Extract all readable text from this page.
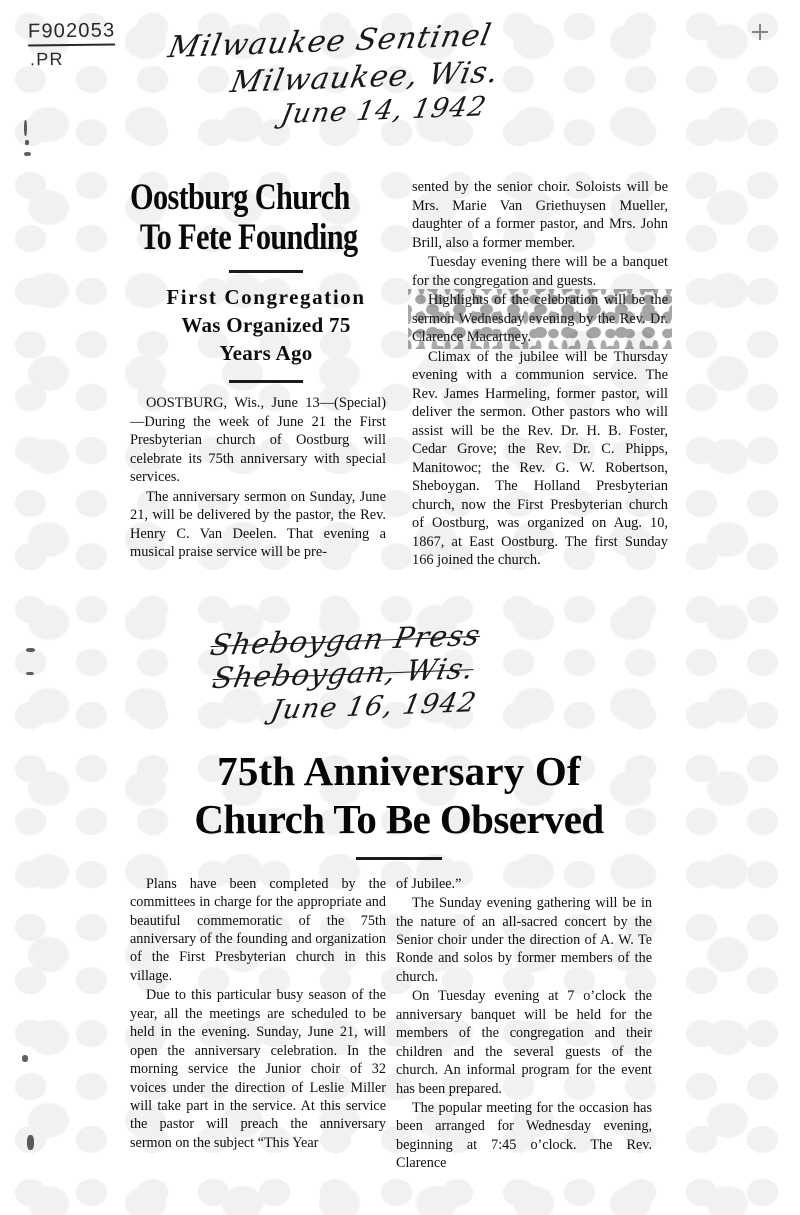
F902053
.PR	Milwaukee Sentinel
Milwaukee, Wis.
June 14, 1942
Oostburg Church
To Fete Founding
First Congregation
Was Organized 75
Years Ago

OOSTBURG, Wis., June 13—(Special)—During the week of June 21 the First Presbyterian church of Oostburg will celebrate its 75th anniversary with special services.

The anniversary sermon on Sunday, June 21, will be delivered by the pastor, the Rev. Henry C. Van Deelen. That evening a musical praise service will be pre-

sented by the senior choir. Soloists will be Mrs. Marie Van Griethuysen Mueller, daughter of a former pastor, and Mrs. John Brill, also a former member.

Tuesday evening there will be a banquet for the congregation and guests.

Highlights of the celebration will be the sermon Wednesday evening by the Rev. Dr. Clarence Macartney.

Climax of the jubilee will be Thursday evening with a communion service. The Rev. James Harmeling, former pastor, will deliver the sermon. Other pastors who will assist will be the Rev. Dr. H. B. Foster, Cedar Grove; the Rev. Dr. C. Phipps, Manitowoc; the Rev. G. W. Robertson, Sheboygan. The Holland Presbyterian church, now the First Presbyterian church of Oostburg, was organized on Aug. 10, 1867, at East Oostburg. The first Sunday 166 joined the church.

Sheboygan Press
Sheboygan, Wis.
June 16, 1942
75th Anniversary Of
Church To Be Observed

Plans have been completed by the committees in charge for the appropriate and beautiful commemoratic of the 75th anniversary of the founding and organization of the First Presbyterian church in this village.

Due to this particular busy season of the year, all the meetings are scheduled to be held in the evening. Sunday, June 21, will open the anniversary celebration. In the morning service the Junior choir of 32 voices under the direction of Leslie Miller will take part in the service. At this service the pastor will preach the anniversary sermon on the subject “This Year

of Jubilee.”

The Sunday evening gathering will be in the nature of an all-sacred concert by the Senior choir under the direction of A. W. Te Ronde and solos by former members of the church.

On Tuesday evening at 7 o’clock the anniversary banquet will be held for the members of the congregation and their children and the several guests of the church. An informal program for the event has been prepared.

The popular meeting for the occasion has been arranged for Wednesday evening, beginning at 7:45 o’clock. The Rev. Clarence
